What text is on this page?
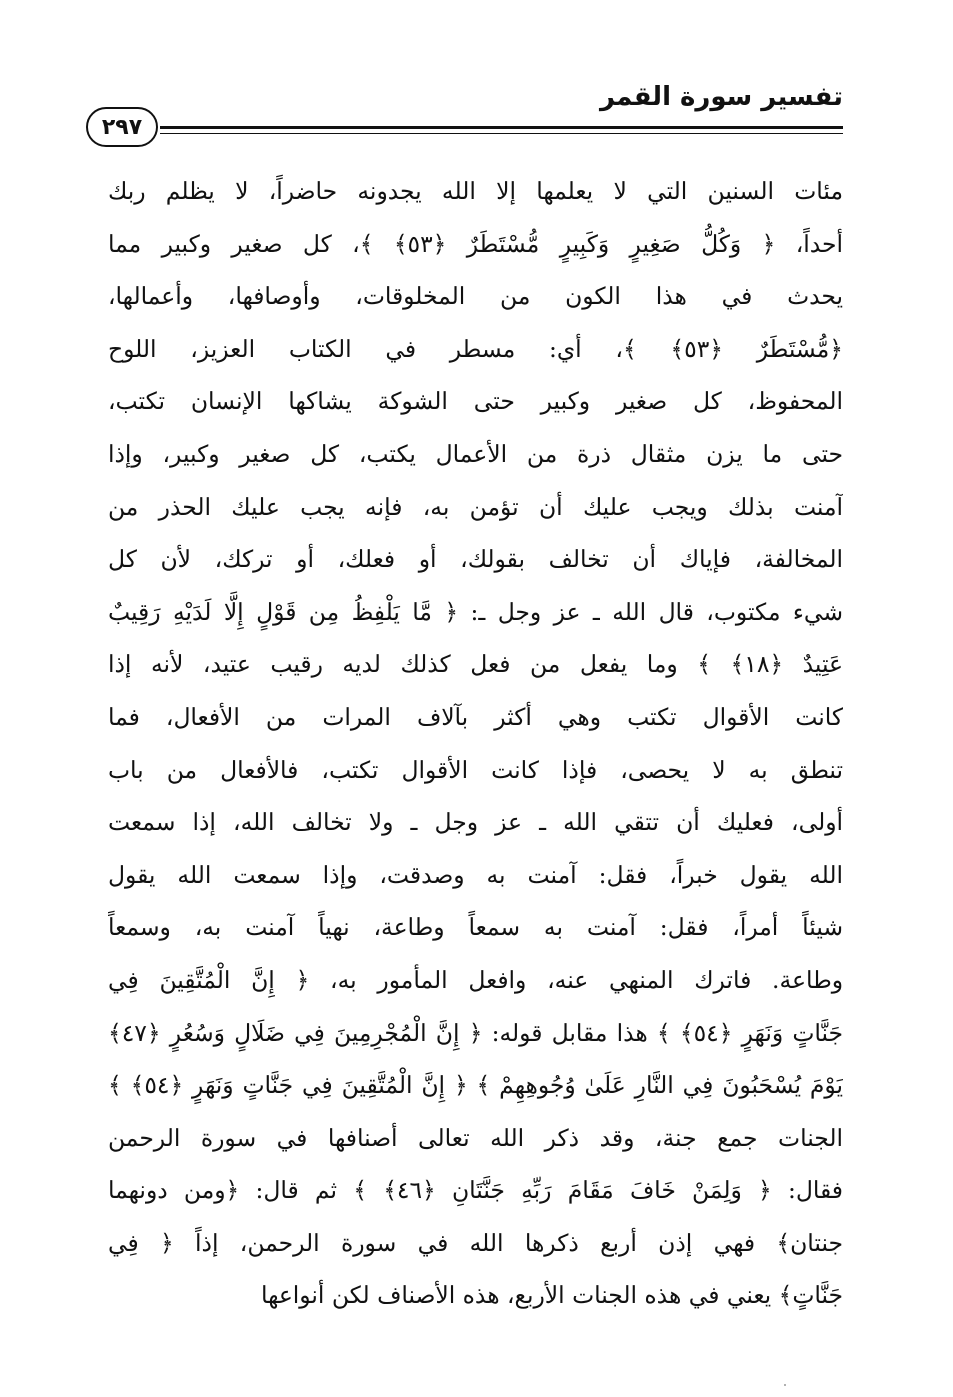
تفسير سورة القمر
٢٩٧
مئات السنين التي لا يعلمها إلا الله يجدونه حاضراً، لا يظلم ربك
أحداً، ﴿ وَكُلُّ صَغِيرٍ وَكَبِيرٍ مُّسْتَطَرٌ ﴿٥٣﴾ ﴾، كل صغير وكبير مما
يحدث في هذا الكون من المخلوقات، وأوصافها، وأعمالها،
﴿مُّسْتَطَرٌ ﴿٥٣﴾ ﴾، أي: مسطر في الكتاب العزيز، اللوح
المحفوظ، كل صغير وكبير حتى الشوكة يشاكها الإنسان تكتب،
حتى ما يزن مثقال ذرة من الأعمال يكتب، كل صغير وكبير، وإذا
آمنت بذلك ويجب عليك أن تؤمن به، فإنه يجب عليك الحذر من
المخالفة، فإياك أن تخالف بقولك، أو فعلك، أو تركك، لأن كل
شيء مكتوب، قال الله ـ عز وجل ـ: ﴿ مَّا يَلْفِظُ مِن قَوْلٍ إِلَّا لَدَيْهِ رَقِيبٌ
عَتِيدٌ ﴿١٨﴾ ﴾ وما يفعل من فعل كذلك لديه رقيب عتيد، لأنه إذا
كانت الأقوال تكتب وهي أكثر بآلاف المرات من الأفعال، فما
تنطق به لا يحصى، فإذا كانت الأقوال تكتب، فالأفعال من باب
أولى، فعليك أن تتقي الله ـ عز وجل ـ ولا تخالف الله، إذا سمعت
الله يقول خبراً، فقل: آمنت به وصدقت، وإذا سمعت الله يقول
شيئاً أمراً، فقل: آمنت به سمعاً وطاعة، نهياً آمنت به، وسمعاً
وطاعة. فاترك المنهي عنه، وافعل المأمور به، ﴿ إِنَّ الْمُتَّقِينَ فِي
جَنَّاتٍ وَنَهَرٍ ﴿٥٤﴾ ﴾ هذا مقابل قوله: ﴿ إِنَّ الْمُجْرِمِينَ فِي ضَلَالٍ وَسُعُرٍ ﴿٤٧﴾
يَوْمَ يُسْحَبُونَ فِي النَّارِ عَلَىٰ وُجُوهِهِمْ ﴾ ﴿ إِنَّ الْمُتَّقِينَ فِي جَنَّاتٍ وَنَهَرٍ ﴿٥٤﴾ ﴾
الجنات جمع جنة، وقد ذكر الله تعالى أصنافها في سورة الرحمن
فقال: ﴿ وَلِمَنْ خَافَ مَقَامَ رَبِّهِ جَنَّتَانِ ﴿٤٦﴾ ﴾ ثم قال: ﴿ومن دونهما
جنتان﴾ فهي إذن أربع ذكرها الله في سورة الرحمن، إذاً ﴿ فِي
جَنَّاتٍ﴾ يعني في هذه الجنات الأربع، هذه الأصناف لكن أنواعها
